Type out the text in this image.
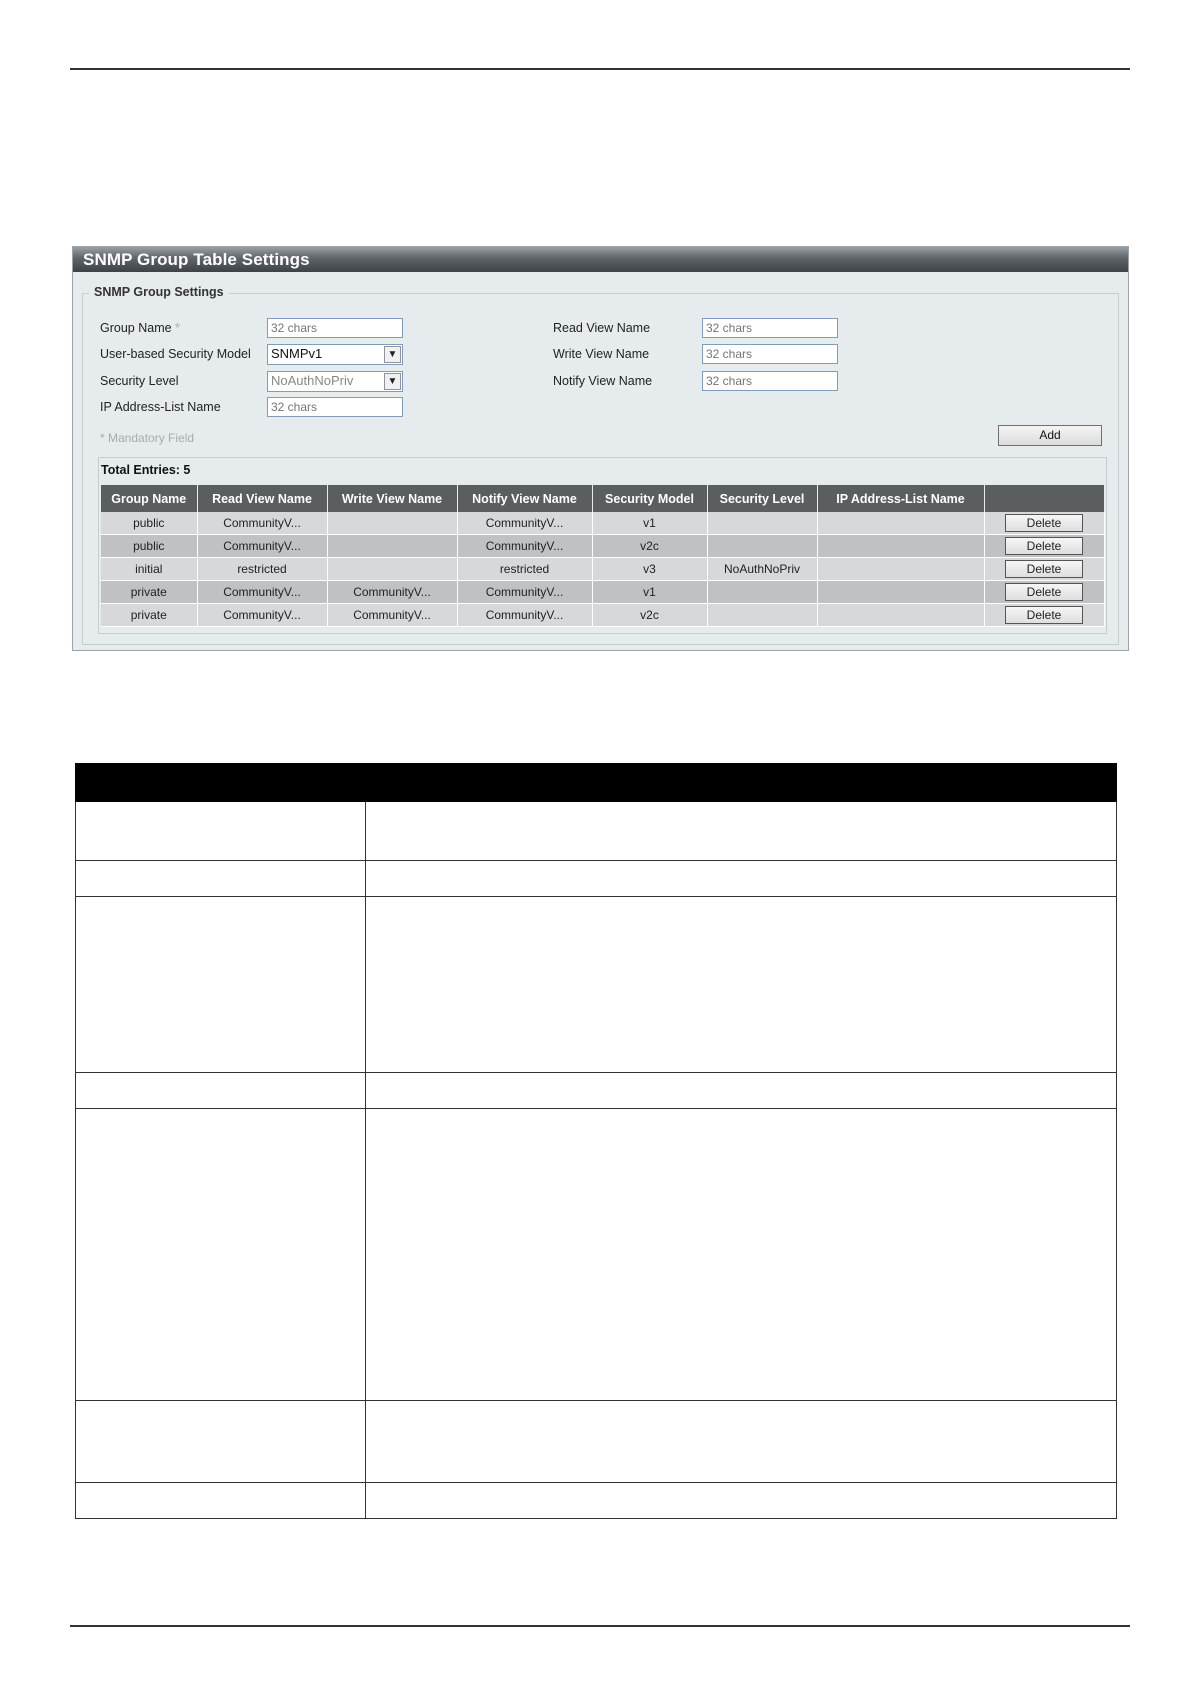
SNMP Group Table Settings
SNMP Group Settings
Group Name *
32 chars
User-based Security Model	SNMPv1	▼
Security Level	NoAuthNoPriv	▼
IP Address-List Name
32 chars
Read View Name
32 chars
Write View Name
32 chars
Notify View Name
32 chars
* Mandatory Field	Add
Total Entries: 5
Group Name	Read View Name	Write View Name	Notify View Name	Security Model	Security Level	IP Address-List Name	
public	CommunityV...		CommunityV...	v1			Delete
public	CommunityV...		CommunityV...	v2c			Delete
initial	restricted		restricted	v3	NoAuthNoPriv		Delete
private	CommunityV...	CommunityV...	CommunityV...	v1			Delete
private	CommunityV...	CommunityV...	CommunityV...	v2c			Delete
